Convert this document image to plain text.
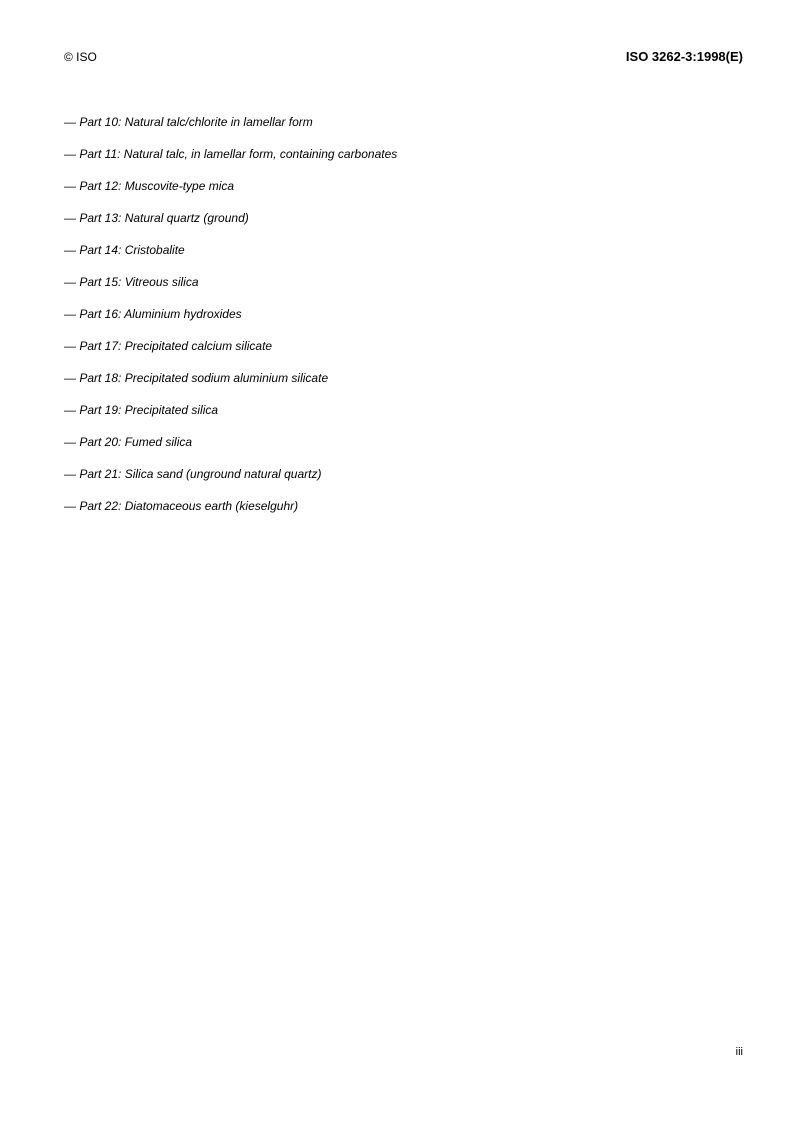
© ISO	ISO 3262-3:1998(E)
— Part 10: Natural talc/chlorite in lamellar form
— Part 11: Natural talc, in lamellar form, containing carbonates
— Part 12: Muscovite-type mica
— Part 13: Natural quartz (ground)
— Part 14: Cristobalite
— Part 15: Vitreous silica
— Part 16: Aluminium hydroxides
— Part 17: Precipitated calcium silicate
— Part 18: Precipitated sodium aluminium silicate
— Part 19: Precipitated silica
— Part 20: Fumed silica
— Part 21: Silica sand (unground natural quartz)
— Part 22: Diatomaceous earth (kieselguhr)
iii
